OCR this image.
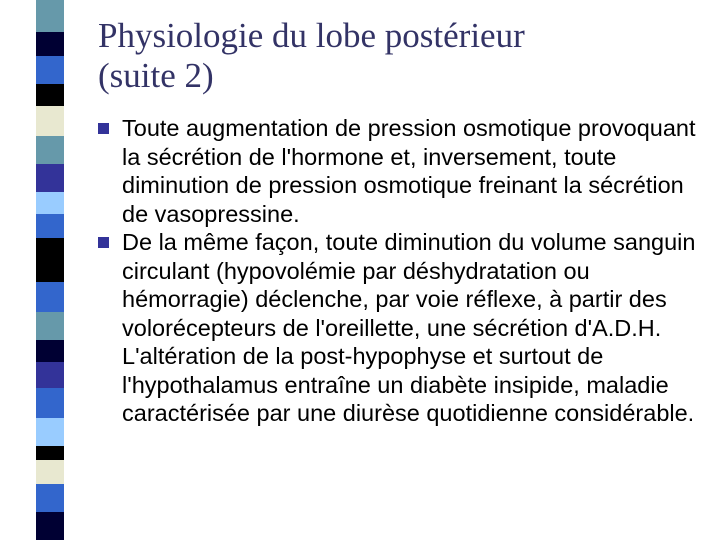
Physiologie du lobe postérieur
(suite 2)
Toute augmentation de pression osmotique provoquant la sécrétion de l'hormone et, inversement, toute diminution de pression osmotique freinant la sécrétion de vasopressine.
De la même façon, toute diminution du volume sanguin circulant (hypovolémie par déshydratation ou hémorragie) déclenche, par voie réflexe, à partir des volorécepteurs de l'oreillette, une sécrétion d'A.D.H. L'altération de la post-hypophyse et surtout de l'hypothalamus entraîne un diabète insipide, maladie caractérisée par une diurèse quotidienne considérable.
